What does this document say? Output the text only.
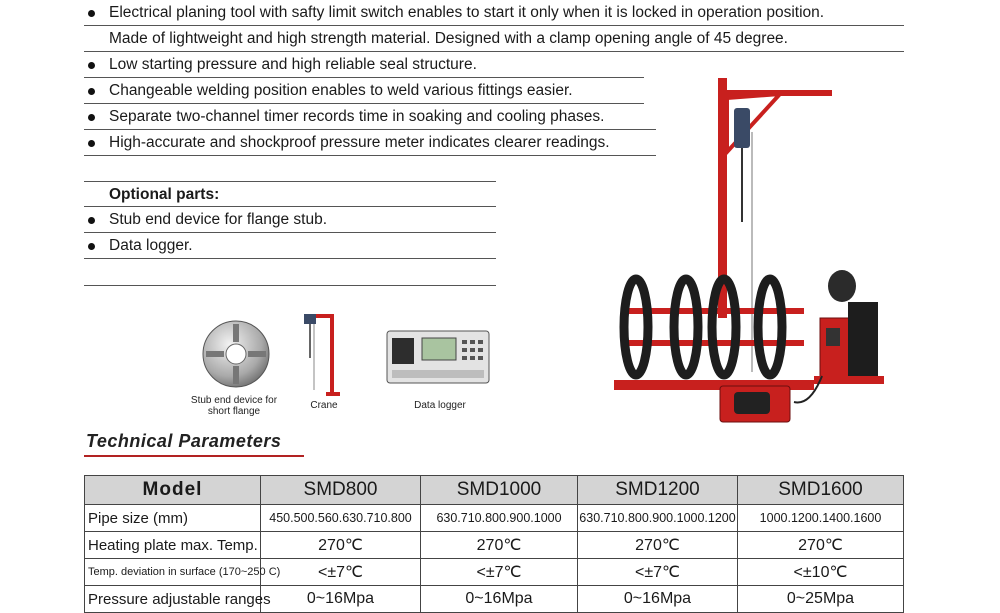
Electrical planing tool with safty limit switch enables to start it only when it is locked in operation position.
Made of lightweight and high strength material. Designed with a clamp opening angle of 45 degree.
Low starting pressure and high reliable seal structure.
Changeable welding position enables to weld various fittings easier.
Separate two-channel timer records time in soaking and cooling phases.
High-accurate and shockproof pressure meter indicates clearer readings.
Optional parts:
Stub end device for flange stub.
Data logger.
Stub end device for short flange
Crane	Data logger
Technical Parameters
Model	SMD800	SMD1000	SMD1200	SMD1600
Pipe size (mm)	450.500.560.630.710.800	630.710.800.900.1000	630.710.800.900.1000.1200	1000.1200.1400.1600
Heating plate max. Temp.	270℃	270℃	270℃	270℃
Temp. deviation in surface (170~250 C)	<±7℃	<±7℃	<±7℃	<±10℃
Pressure adjustable ranges	0~16Mpa	0~16Mpa	0~16Mpa	0~25Mpa
